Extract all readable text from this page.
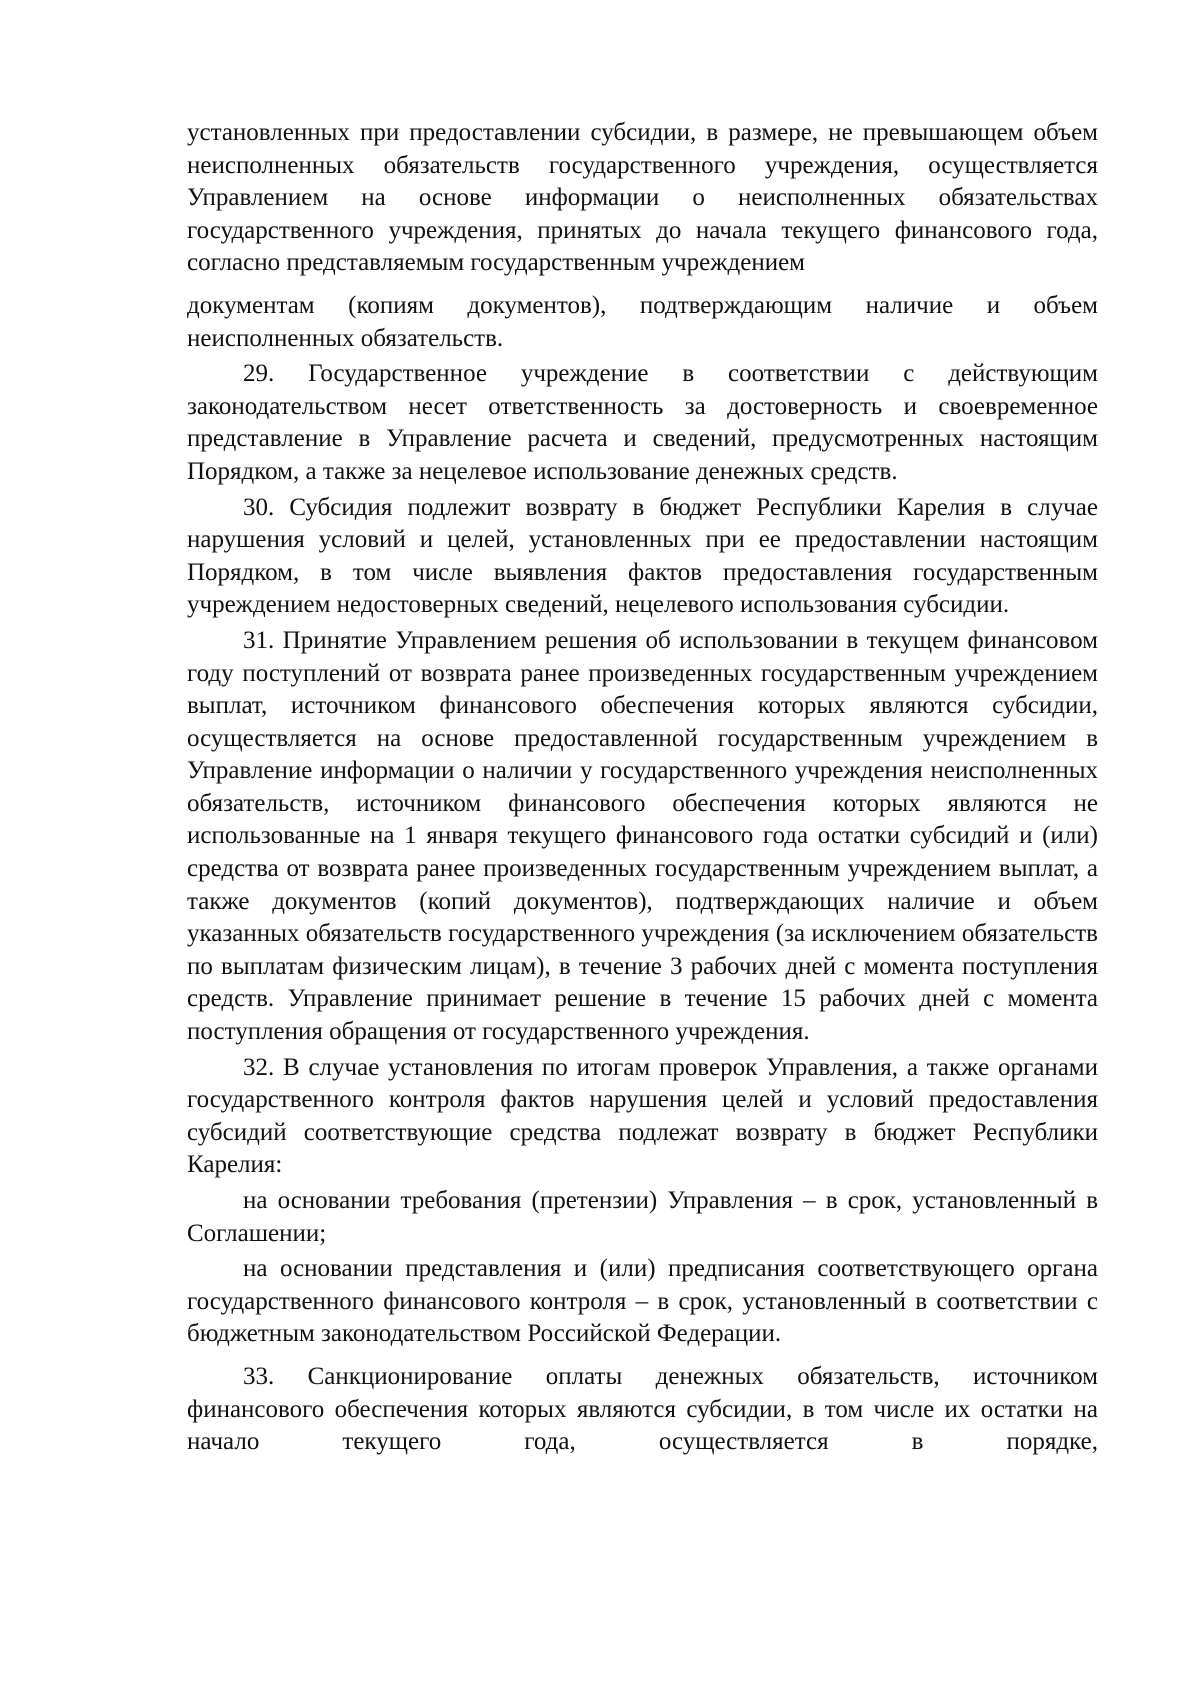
установленных при предоставлении субсидии, в размере, не превышающем объем неисполненных обязательств государственного учреждения, осуществляется Управлением на основе информации о неисполненных обязательствах государственного учреждения, принятых до начала текущего финансового года, согласно представляемым государственным учреждением

документам (копиям документов), подтверждающим наличие и объем неисполненных обязательств.

29. Государственное учреждение в соответствии с действующим законодательством несет ответственность за достоверность и своевременное представление в Управление расчета и сведений, предусмотренных настоящим Порядком, а также за нецелевое использование денежных средств.

30. Субсидия подлежит возврату в бюджет Республики Карелия в случае нарушения условий и целей, установленных при ее предоставлении настоящим Порядком, в том числе выявления фактов предоставления государственным учреждением недостоверных сведений, нецелевого использования субсидии.

31. Принятие Управлением решения об использовании в текущем финансовом году поступлений от возврата ранее произведенных государственным учреждением выплат, источником финансового обеспечения которых являются субсидии, осуществляется на основе предоставленной государственным учреждением в Управление информации о наличии у государственного учреждения неисполненных обязательств, источником финансового обеспечения которых являются не использованные на 1 января текущего финансового года остатки субсидий и (или) средства от возврата ранее произведенных государственным учреждением выплат, а также документов (копий документов), подтверждающих наличие и объем указанных обязательств государственного учреждения (за исключением обязательств по выплатам физическим лицам), в течение 3 рабочих дней с момента поступления средств. Управление принимает решение в течение 15 рабочих дней с момента поступления обращения от государственного учреждения.

32. В случае установления по итогам проверок Управления, а также органами государственного контроля фактов нарушения целей и условий предоставления субсидий соответствующие средства подлежат возврату в бюджет Республики Карелия:

на основании требования (претензии) Управления – в срок, установленный в Соглашении;

на основании представления и (или) предписания соответствующего органа государственного финансового контроля – в срок, установленный в соответствии с бюджетным законодательством Российской Федерации.

33. Санкционирование оплаты денежных обязательств, источником финансового обеспечения которых являются субсидии, в том числе их остатки на начало текущего года, осуществляется в порядке,
